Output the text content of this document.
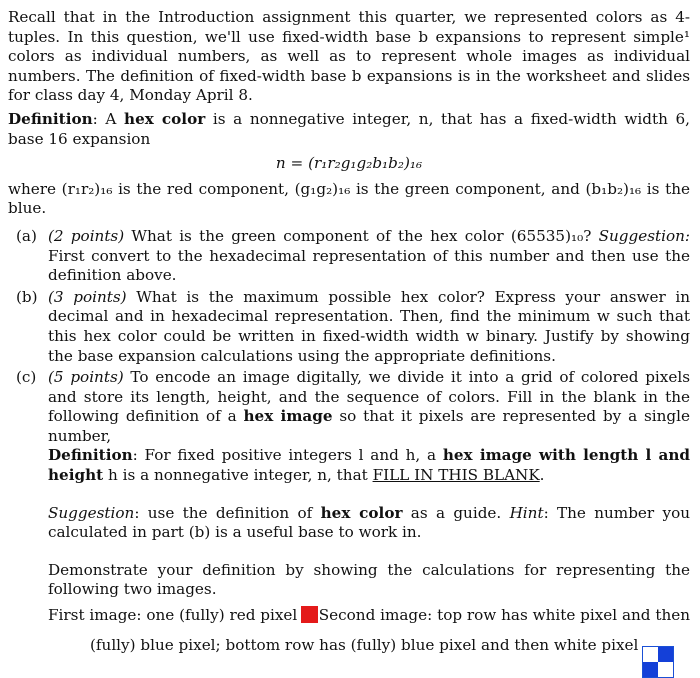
Recall that in the Introduction assignment this quarter, we represented colors as 4-tuples. In this question, we'll use fixed-width base b expansions to represent simple¹ colors as individual numbers, as well as to represent whole images as individual numbers. The definition of fixed-width base b expansions is in the worksheet and slides for class day 4, Monday April 8.

Definition: A hex color is a nonnegative integer, n, that has a fixed-width width 6, base 16 expansion

n = (r₁r₂g₁g₂b₁b₂)₁₆

where (r₁r₂)₁₆ is the red component, (g₁g₂)₁₆ is the green component, and (b₁b₂)₁₆ is the blue.

(a) (2 points) What is the green component of the hex color (65535)₁₀? Suggestion: First convert to the hexadecimal representation of this number and then use the definition above.

(b) (3 points) What is the maximum possible hex color? Express your answer in decimal and in hexadecimal representation. Then, find the minimum w such that this hex color could be written in fixed-width width w binary. Justify by showing the base expansion calculations using the appropriate definitions.

(c) (5 points) To encode an image digitally, we divide it into a grid of colored pixels and store its length, height, and the sequence of colors. Fill in the blank in the following definition of a hex image so that it pixels are represented by a single number,

Definition: For fixed positive integers l and h, a hex image with length l and height h is a nonnegative integer, n, that FILL IN THIS BLANK.

Suggestion: use the definition of hex color as a guide. Hint: The number you calculated in part (b) is a useful base to work in.

Demonstrate your definition by showing the calculations for representing the following two images.

First image: one (fully) red pixel	Second image: top row has white pixel and then
(fully) blue pixel; bottom row has (fully) blue pixel and then white pixel
